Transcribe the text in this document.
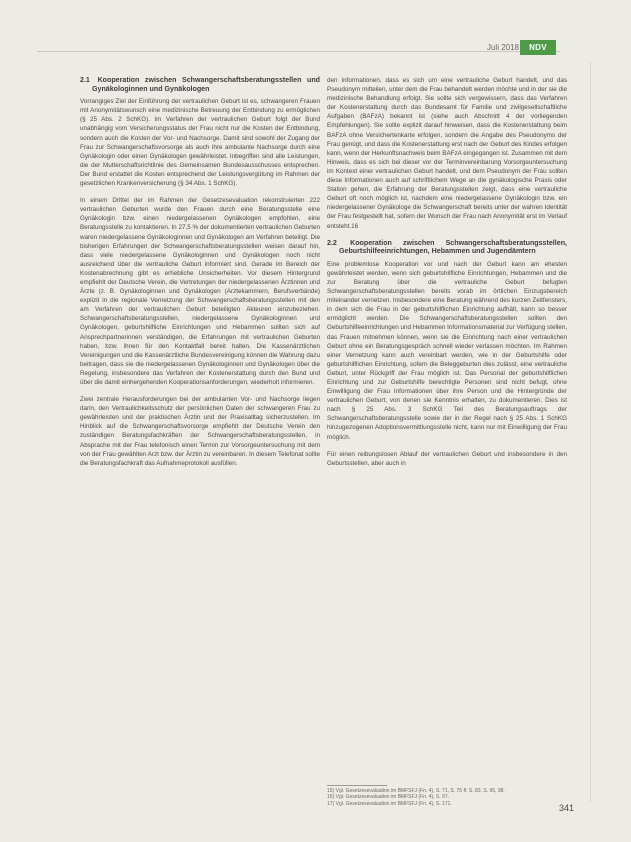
Juli 2018	NDV
2.1 Kooperation zwischen Schwangerschaftsberatungsstellen und Gynäkologinnen und Gynäkologen

Vorrangiges Ziel der Einführung der vertraulichen Geburt ist es, schwangeren Frauen mit Anonymitätswunsch eine medizinische Betreuung der Entbindung zu ermöglichen (§ 25 Abs. 2 SchKG). Im Verfahren der vertraulichen Geburt folgt der Bund unabhängig vom Versicherungsstatus der Frau nicht nur die Kosten der Entbindung, sondern auch die Kosten der Vor- und Nachsorge. Damit sind sowohl der Zugang der Frau zur Schwangerschaftsvorsorge als auch ihre ambulante Nachsorge durch eine Gynäkologin oder einen Gynäkologen gewährleistet. Inbegriffen sind alle Leistungen, die der Mutterschaftsrichtlinie des Gemeinsamen Bundesausschusses entsprechen. Der Bund erstattet die Kosten entsprechend der Leistungsvergütung im Rahmen der gesetzlichen Krankenversicherung (§ 34 Abs. 1 SchKG).

In einem Drittel der im Rahmen der Gesetzesevaluation rekonstruierten 222 vertraulichen Geburten wurde den Frauen durch eine Beratungsstelle eine Gynäkologin bzw. einen niedergelassenen Gynäkologen empfohlen, eine Beratungsstelle zu kontaktieren. In 27,5 % der dokumentierten vertraulichen Geburten waren niedergelassene Gynäkologinnen und Gynäkologen am Verfahren beteiligt. Die bisherigen Erfahrungen der Schwangerschaftsberatungsstellen weisen darauf hin, dass viele niedergelassene Gynäkologinnen und Gynäkologen noch nicht ausreichend über die vertrauliche Geburt informiert sind. Gerade im Bereich der Kostenabrechnung gibt es erhebliche Unsicherheiten. Vor diesem Hintergrund empfiehlt der Deutsche Verein, die Vertretungen der niedergelassenen Ärztinnen und Ärzte (z. B. Gynäkologinnen und Gynäkologen (Arztekammern, Berufsverbände) explizit in die regionale Vernetzung der Schwangerschaftsberatungsstellen mit den am Verfahren der vertraulichen Geburt beteiligten Akteuren einzubeziehen. Schwangerschaftsberatungsstellen, niedergelassene Gynäkologinnen und Gynäkologen, geburtshilfliche Einrichtungen und Hebammen sollten sich auf Ansprechpartnerinnen verständigen, die Erfahrungen mit vertraulichen Geburten haben, bzw. ihnen für den Kontaktfall bereit halten. Die Kassenärztlichen Vereinigungen und die Kassenärztliche Bundesvereinigung können die Wahrung dazu beitragen, dass sie die niedergelassenen Gynäkologinnen und Gynäkologen über die Regelung, insbesondere das Verfahren der Kostenerstattung durch den Bund und über die damit einhergehenden Kooperationsanforderungen, wiederholt informieren.

Zwei zentrale Herausforderungen bei der ambulanten Vor- und Nachsorge liegen darin, den Vertraulichkeitsschutz der persönlichen Daten der schwangeren Frau zu gewährleisten und der praktischen Ärztin und der Praxisalltag sicherzustellen. Im Hinblick auf die Schwangerschaftsvorsorge empfiehlt der Deutsche Verein den zuständigen Beratungsfachkräften der Schwangerschaftsberatungsstellen, in Absprache mit der Frau telefonisch einen Termin zur Vorsorgeuntersuchung mit dem von der Frau gewählten Arzt bzw. der Ärztin zu vereinbaren. In diesem Telefonat sollte die Beratungsfachkraft das Aufnahmeprotokoll ausfüllen.

den Informationen, dass es sich um eine vertrauliche Geburt handelt, und das Pseudonym mitteilen, unter dem die Frau behandelt werden möchte und in der sie die medizinische Behandlung erfolgt. Sie sollte sich vergewissern, dass das Verfahren der Kostenerstattung durch das Bundesamt für Familie und zivilgesellschaftliche Aufgaben (BAFzA) bekannt ist (siehe auch Abschnitt 4 der vorliegenden Empfehlungen). Sie sollte explizit darauf hinweisen, dass die Kostenerstattung beim BAFzA ohne Versichertenkarte erfolgen, sondern die Angabe des Pseudonyms der Frau genügt, und dass die Kostenerstattung erst nach der Geburt des Kindes erfolgen kann, wenn der Herkunftsnachweis beim BAFzA eingegangen ist. Zusammen mit dem Hinweis, dass es sich bei dieser vor der Terminvereinbarung Vorsorgeuntersuchung im Kontext einer vertraulichen Geburt handelt, und dem Pseudonym der Frau sollten diese Informationen auch auf schriftlichem Wege an die gynäkologische Praxis oder Station gehen, die Erfahrung der Beratungsstellen zeigt, dass eine vertrauliche Geburt oft noch möglich ist, nachdem eine niedergelassene Gynäkologin bzw. ein niedergelassener Gynäkologe die Schwangerschaft bereits unter der wahren Identität der Frau festgestellt hat, sofern der Wunsch der Frau nach Anonymität erst im Verlauf entsteht.16

2.2 Kooperation zwischen Schwangerschaftsberatungsstellen, Geburtshilfeeinrichtungen, Hebammen und Jugendämtern

Eine problemlose Kooperation vor und nach der Geburt kann am ehesten gewährleistet werden, wenn sich geburtshilfliche Einrichtungen, Hebammen und die zur Beratung über die vertrauliche Geburt befugten Schwangerschaftsberatungsstellen bereits vorab im örtlichen Einzugsbereich miteinander vernetzen. Insbesondere eine Beratung während des kurzen Zeitfensters, in dem sich die Frau in der geburtshilflichen Einrichtung aufhält, kann so besser ermöglicht werden. Die Schwangerschaftsberatungsstellen sollten den Geburtshilfeeinrichtungen und Hebammen Informationsmaterial zur Verfügung stellen, das Frauen mitnehmen können, wenn sie die Einrichtung nach einer vertraulichen Geburt ohne ein Beratungsgespräch schnell wieder verlassen möchten. Im Rahmen einer Vernetzung kann auch vereinbart werden, wie in der Geburtshilfe oder geburtshilflichen Einrichtung, sofern die Beleggeburten dies zulässt, eine vertrauliche Geburt, unter Rückgriff der Frau möglich ist. Das Personal der geburtshilflichen Einrichtung und zur Geburtshilfe berechtigte Personen sind nicht befugt, ohne Einwilligung der Frau Informationen über ihre Person und die Hintergründe der vertraulichen Geburt, von denen sie Kenntnis erhalten, zu dokumentieren. Dies ist nach § 25 Abs. 3 SchKG Teil des Beratungsauftrags der Schwangerschaftsberatungsstelle sowie der in der Regel nach § 25 Abs. 1 SchKG hinzugezogenen Adoptionsvermittlungsstelle nicht, kann nur mit Einwilligung der Frau möglich.

Für einen reibungslosen Ablauf der vertraulichen Geburt und insbesondere in den Geburtsstellen, aber auch in

15) Vgl. Gesetzesevaluation im BMFSFJ (Fn. 4), S. 71, S. 75 ff. S. 83, S. 96, 98.
16) Vgl. Gesetzesevaluation im BMFSFJ (Fn. 4), S. 97.
17) Vgl. Gesetzesevaluation im BMFSFJ (Fn. 4), S. 171.	341
